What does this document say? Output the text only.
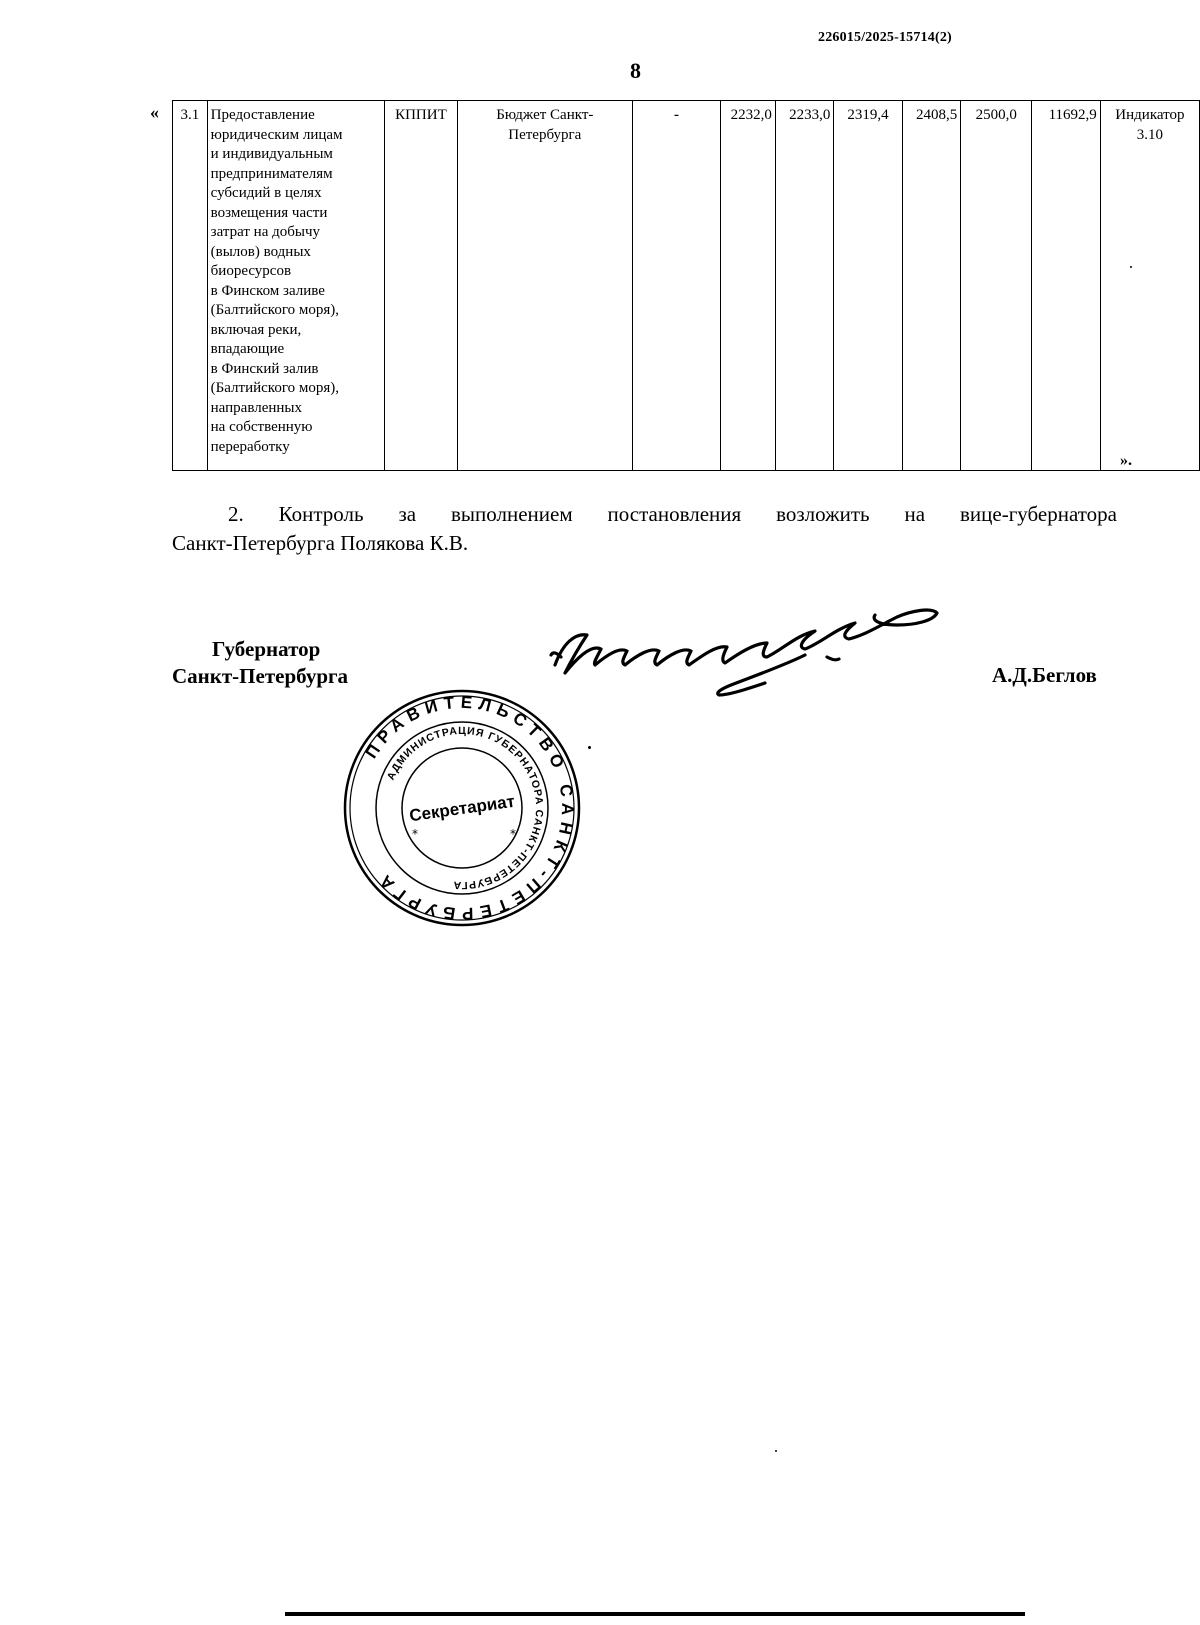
226015/2025-15714(2)
8
« 3.1	Предоставление
юридическим лицам
и индивидуальным
предпринимателям
субсидий в целях
возмещения части
затрат на добычу
(вылов) водных
биоресурсов
в Финском заливе
(Балтийского моря),
включая реки,
впадающие
в Финский залив
(Балтийского моря),
направленных
на собственную
переработку
	КППИТ	Бюджет Санкт-Петербурга	-	2232,0	2233,0	2319,4	2408,5	2500,0	11692,9	Индикатор 3.10
».
2. Контроль за выполнением постановления возложить на вице-губернатора
Санкт-Петербурга Полякова К.В.
Губернатор
Санкт-Петербурга	А.Д.Беглов
ПРАВИТЕЛЬСТВО САНКТ-ПЕТЕРБУРГА
АДМИНИСТРАЦИЯ ГУБЕРНАТОРА САНКТ-ПЕТЕРБУРГА
Секретариат
*	*
